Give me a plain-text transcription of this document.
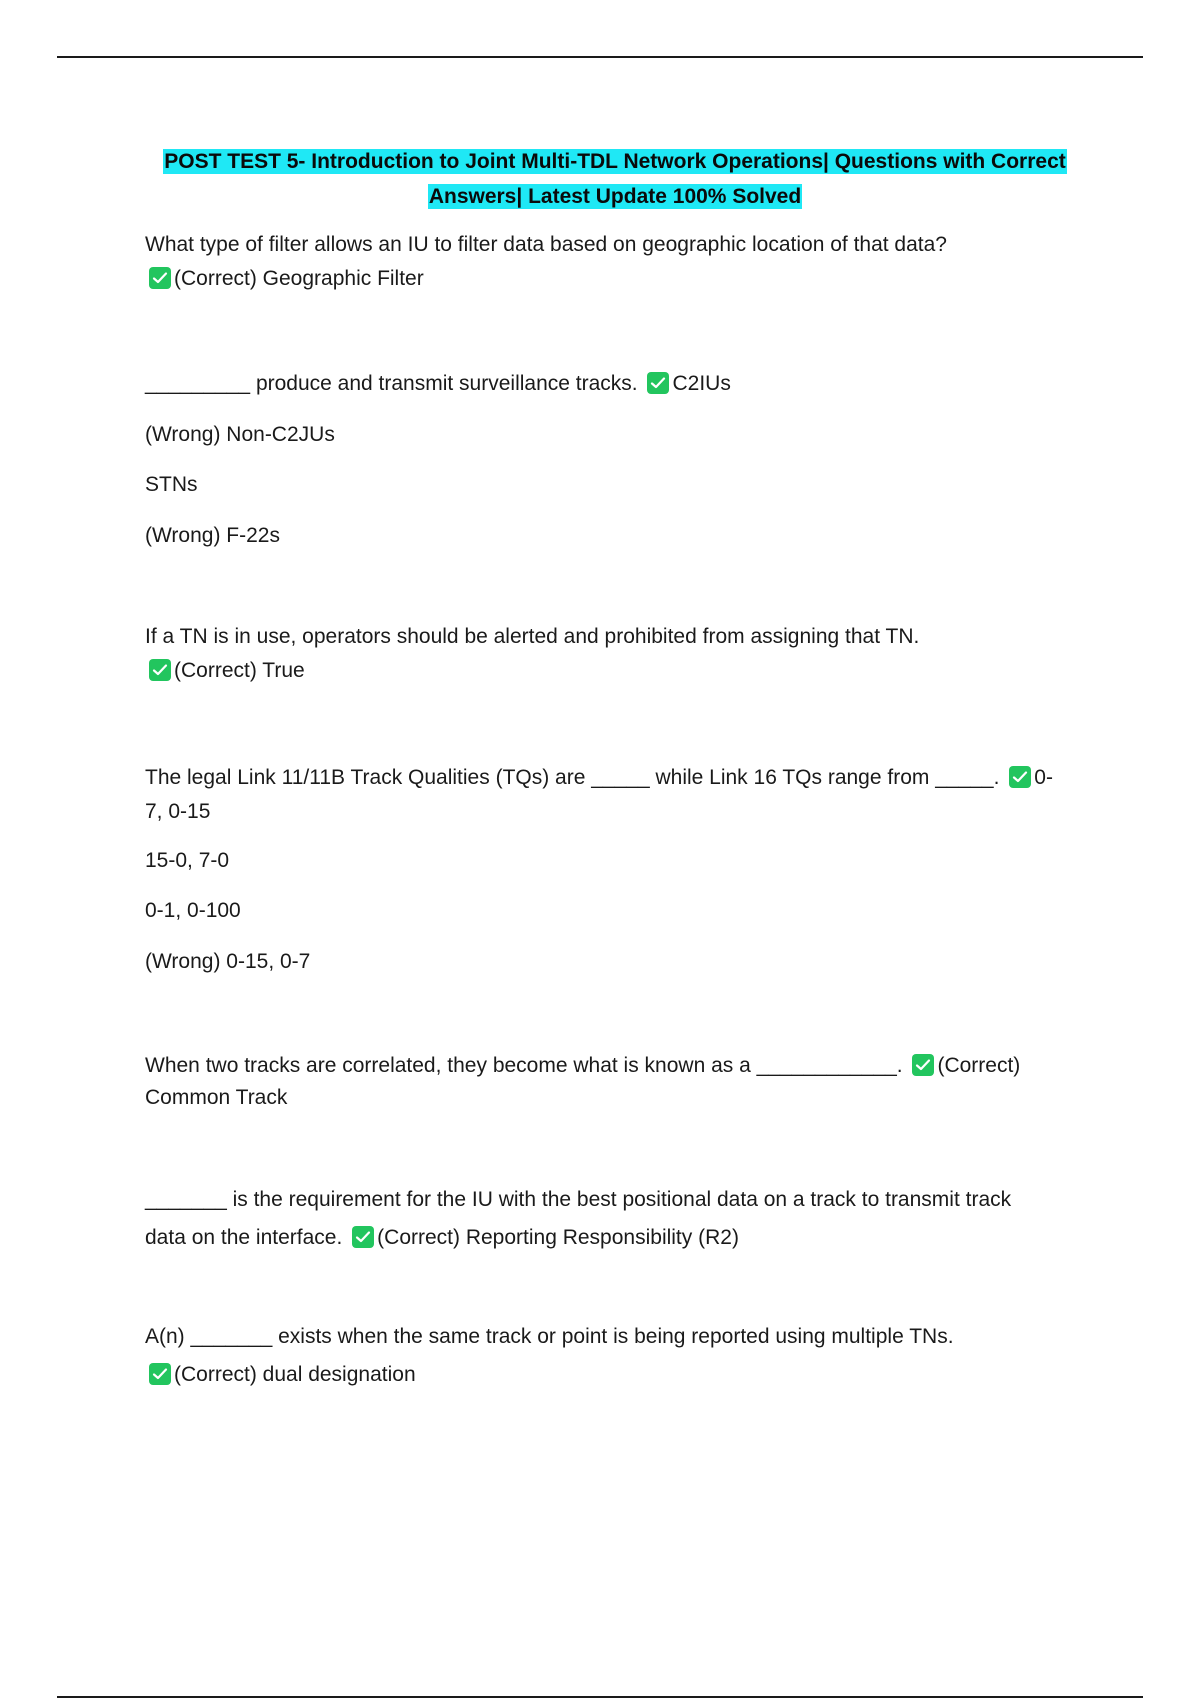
POST TEST 5- Introduction to Joint Multi-TDL Network Operations| Questions with Correct
Answers| Latest Update 100% Solved
What type of filter allows an IU to filter data based on geographic location of that data?
(Correct) Geographic Filter
_________ produce and transmit surveillance tracks. C2IUs
(Wrong) Non-C2JUs
STNs
(Wrong) F-22s
If a TN is in use, operators should be alerted and prohibited from assigning that TN.
(Correct) True
The legal Link 11/11B Track Qualities (TQs) are _____ while Link 16 TQs range from _____. 0-
7, 0-15
15-0, 7-0
0-1, 0-100
(Wrong) 0-15, 0-7
When two tracks are correlated, they become what is known as a ____________. (Correct)
Common Track
_______ is the requirement for the IU with the best positional data on a track to transmit track
data on the interface. (Correct) Reporting Responsibility (R2)
A(n) _______ exists when the same track or point is being reported using multiple TNs.
(Correct) dual designation
